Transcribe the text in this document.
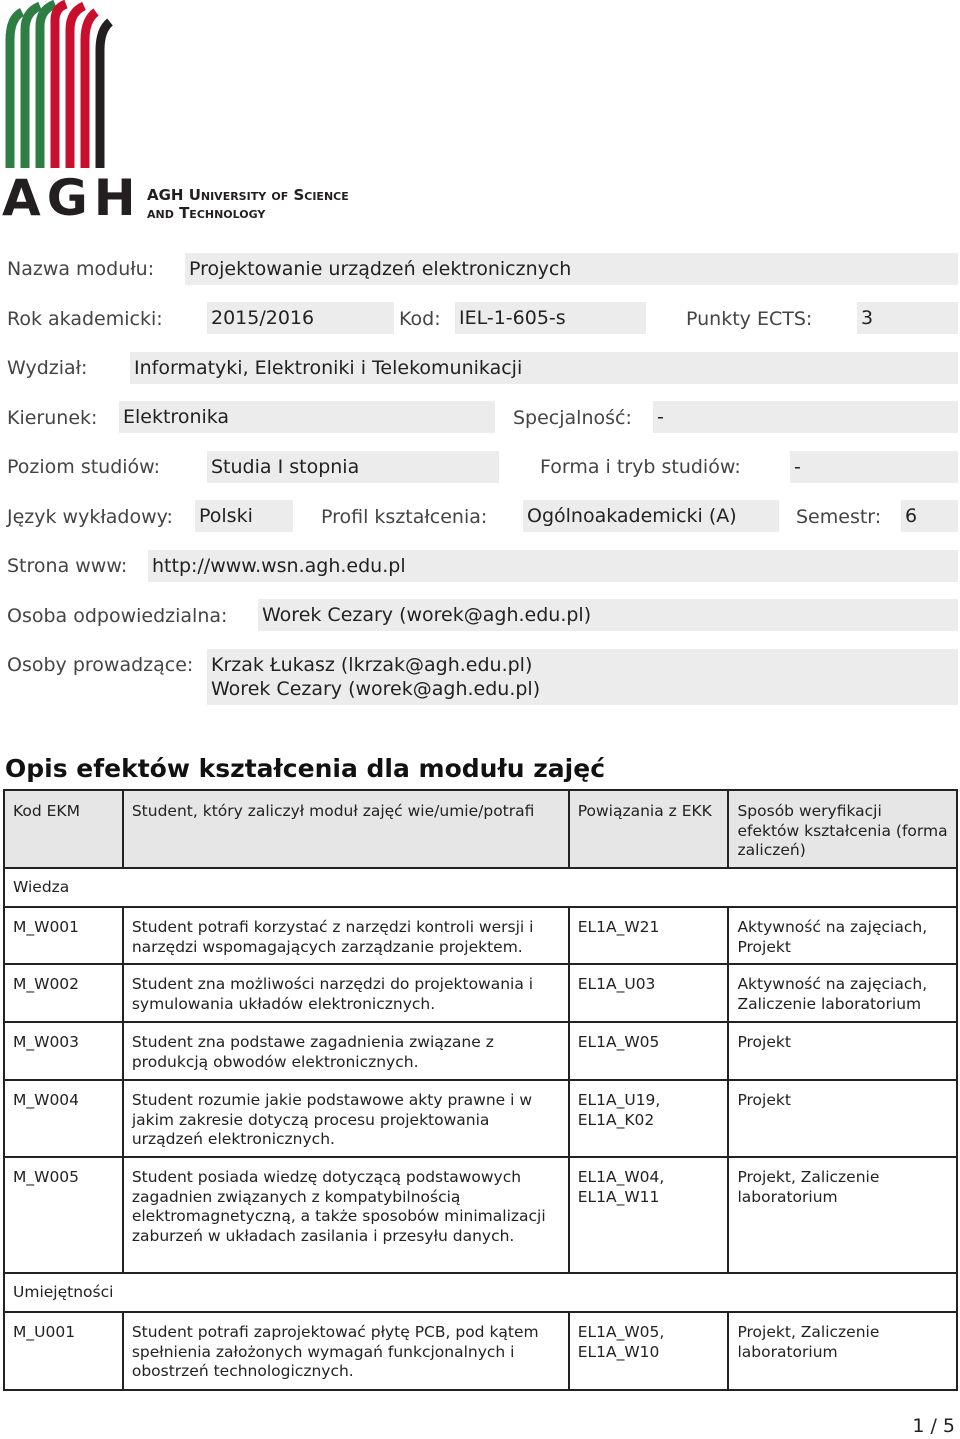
AGH AGH University of Science
and Technology
Nazwa modułu: Projektowanie urządzeń elektronicznych
Rok akademicki:	2015/2016	Kod: IEL-1-605-s	Punkty ECTS:	3
Wydział: Informatyki, Elektroniki i Telekomunikacji
Kierunek: Elektronika	Specjalność: -
Poziom studiów:	Studia I stopnia	Forma i tryb studiów:	-
Język wykładowy: Polski	Profil kształcenia: Ogólnoakademicki (A)	Semestr: 6
Strona www: http://www.wsn.agh.edu.pl
Osoba odpowiedzialna: Worek Cezary (worek@agh.edu.pl)
Osoby prowadzące: Krzak Łukasz (lkrzak@agh.edu.pl)
Worek Cezary (worek@agh.edu.pl)
Opis efektów kształcenia dla modułu zajęć
Kod EKM	Student, który zaliczył moduł zajęć wie/umie/potrafi	Powiązania z EKK	Sposób weryfikacji efektów kształcenia (forma zaliczeń)
Wiedza			
M_W001	Student potrafi korzystać z narzędzi kontroli wersji i narzędzi wspomagających zarządzanie projektem.	EL1A_W21	Aktywność na zajęciach, Projekt
M_W002	Student zna możliwości narzędzi do projektowania i symulowania układów elektronicznych.	EL1A_U03	Aktywność na zajęciach, Zaliczenie laboratorium
M_W003	Student zna podstawe zagadnienia związane z produkcją obwodów elektronicznych.	EL1A_W05	Projekt
M_W004	Student rozumie jakie podstawowe akty prawne i w jakim zakresie dotyczą procesu projektowania urządzeń elektronicznych.	EL1A_U19, EL1A_K02	Projekt
M_W005	Student posiada wiedzę dotyczącą podstawowych zagadnien związanych z kompatybilnością elektromagnetyczną, a także sposobów minimalizacji zaburzeń w układach zasilania i przesyłu danych.	EL1A_W04, EL1A_W11	Projekt, Zaliczenie laboratorium
Umiejętności			
M_U001	Student potrafi zaprojektować płytę PCB, pod kątem spełnienia założonych wymagań funkcjonalnych i obostrzeń technologicznych.	EL1A_W05, EL1A_W10	Projekt, Zaliczenie laboratorium
1 / 5
